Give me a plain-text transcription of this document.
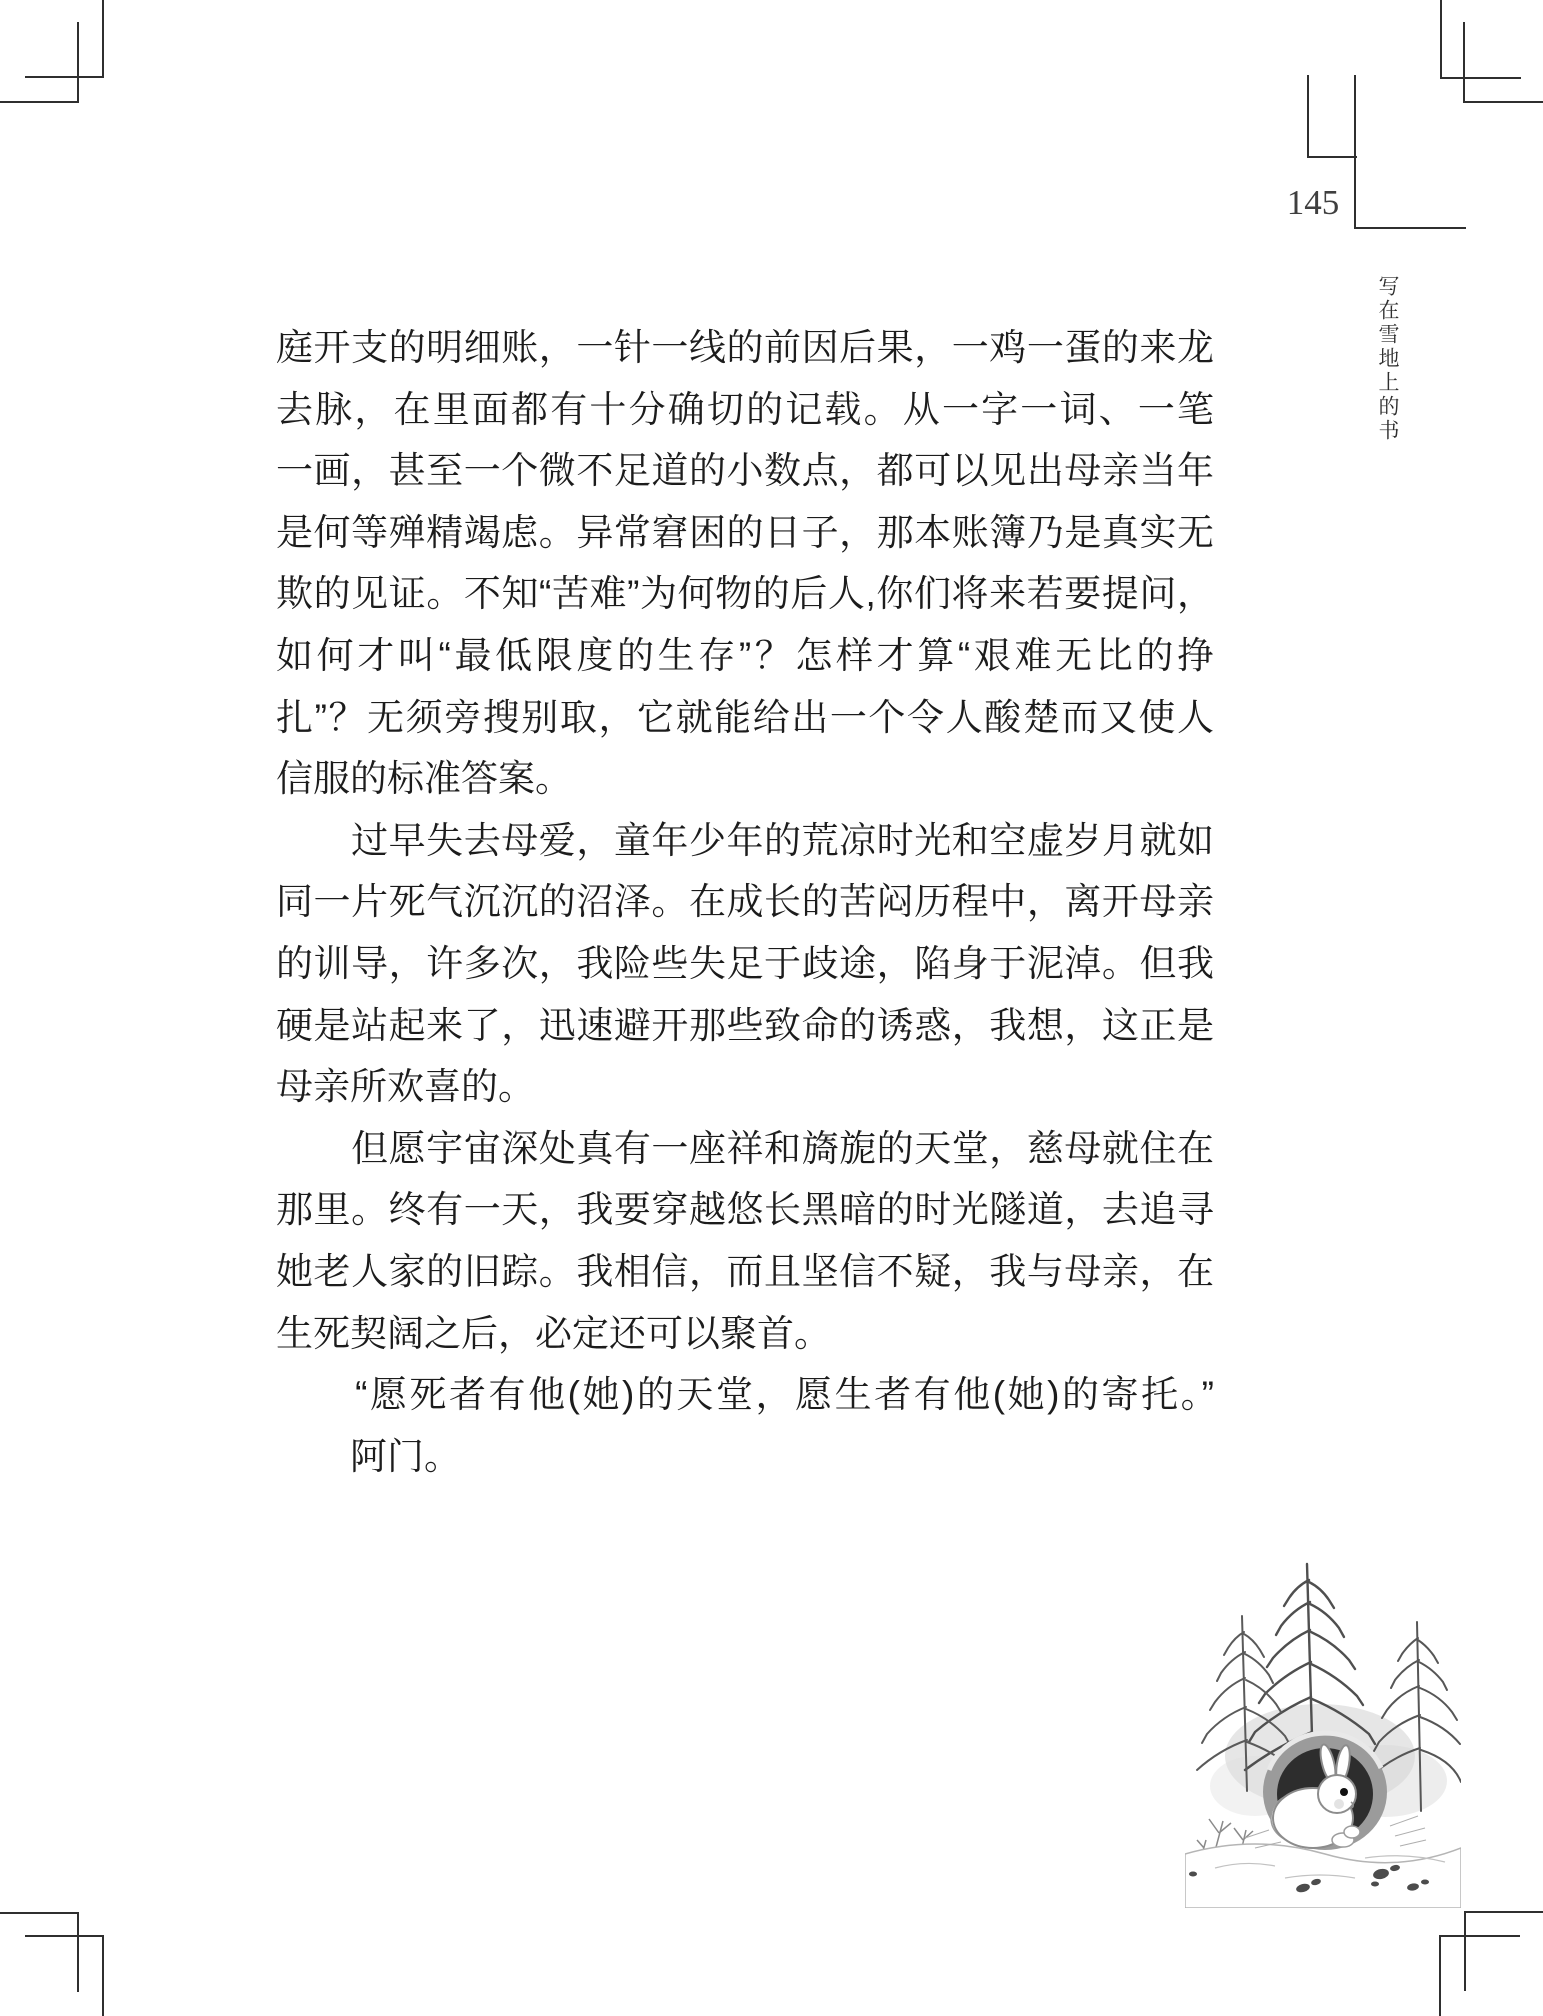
145
写在雪地上的书
庭开支的明细账，一针一线的前因后果，一鸡一蛋的来龙
去脉，在里面都有十分确切的记载。从一字一词、一笔
一画，甚至一个微不足道的小数点，都可以见出母亲当年
是何等殚精竭虑。异常窘困的日子，那本账簿乃是真实无
欺的见证。不知“苦难”为何物的后人,你们将来若要提问，
如何才叫“最低限度的生存”？怎样才算“艰难无比的挣
扎”？无须旁搜别取，它就能给出一个令人酸楚而又使人
信服的标准答案。
　　过早失去母爱，童年少年的荒凉时光和空虚岁月就如
同一片死气沉沉的沼泽。在成长的苦闷历程中，离开母亲
的训导，许多次，我险些失足于歧途，陷身于泥淖。但我
硬是站起来了，迅速避开那些致命的诱惑，我想，这正是
母亲所欢喜的。
　　但愿宇宙深处真有一座祥和旖旎的天堂，慈母就住在
那里。终有一天，我要穿越悠长黑暗的时光隧道，去追寻
她老人家的旧踪。我相信，而且坚信不疑，我与母亲，在
生死契阔之后，必定还可以聚首。
　　“愿死者有他(她)的天堂，愿生者有他(她)的寄托。”
　　阿门。
